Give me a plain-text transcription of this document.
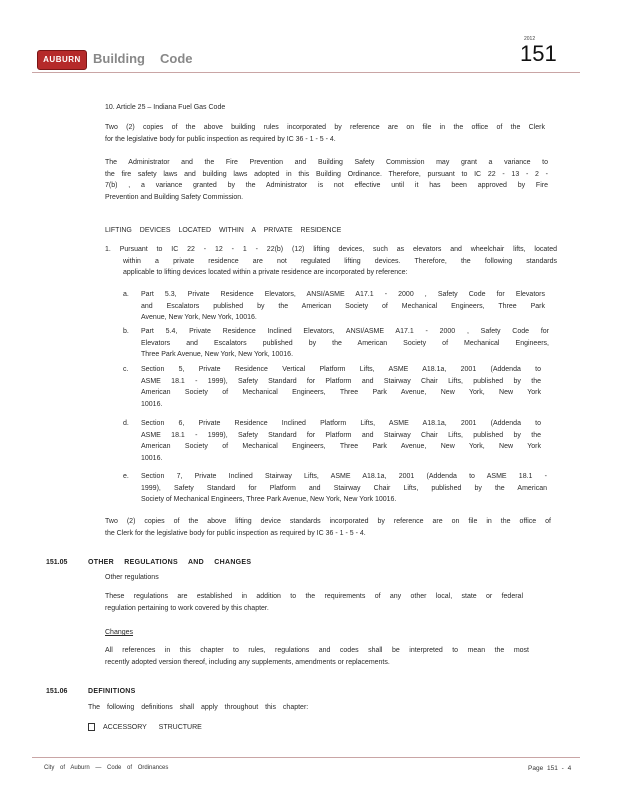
AUBURN Building Code
2012
151
10. Article 25 – Indiana Fuel Gas Code
Two (2) copies of the above building rules incorporated by reference are on file in the office of the Clerk
for the legislative body for public inspection as required by IC 36 - 1 - 5 - 4.
The Administrator and the Fire Prevention and Building Safety Commission may grant a variance to
the fire safety laws and building laws adopted in this Building Ordinance. Therefore, pursuant to IC 22 - 13 - 2 -
7(b) , a variance granted by the Administrator is not effective until it has been approved by Fire
Prevention and Building Safety Commission.
LIFTING DEVICES LOCATED WITHIN A PRIVATE RESIDENCE
1. Pursuant to IC 22 - 12 - 1 - 22(b) (12) lifting devices, such as elevators and wheelchair lifts, located
within a private residence are not regulated lifting devices. Therefore, the following standards
applicable to lifting devices located within a private residence are incorporated by reference:
a. Part 5.3, Private Residence Elevators, ANSI/ASME A17.1 - 2000 , Safety Code for Elevators
and Escalators published by the American Society of Mechanical Engineers, Three Park
Avenue, New York, New York, 10016.
b. Part 5.4, Private Residence Inclined Elevators, ANSI/ASME A17.1 - 2000 , Safety Code for
Elevators and Escalators published by the American Society of Mechanical Engineers,
Three Park Avenue, New York, New York, 10016.
c. Section 5, Private Residence Vertical Platform Lifts, ASME A18.1a, 2001 (Addenda to
ASME 18.1 - 1999), Safety Standard for Platform and Stairway Chair Lifts, published by the
American Society of Mechanical Engineers, Three Park Avenue, New York, New York
10016.
d. Section 6, Private Residence Inclined Platform Lifts, ASME A18.1a, 2001 (Addenda to
ASME 18.1 - 1999), Safety Standard for Platform and Stairway Chair Lifts, published by the
American Society of Mechanical Engineers, Three Park Avenue, New York, New York
10016.
e. Section 7, Private Inclined Stairway Lifts, ASME A18.1a, 2001 (Addenda to ASME 18.1 -
1999), Safety Standard for Platform and Stairway Chair Lifts, published by the American
Society of Mechanical Engineers, Three Park Avenue, New York, New York 10016.
Two (2) copies of the above lifting device standards incorporated by reference are on file in the office of
the Clerk for the legislative body for public inspection as required by IC 36 - 1 - 5 - 4.
151.05	OTHER REGULATIONS AND CHANGES
Other regulations
These regulations are established in addition to the requirements of any other local, state or federal
regulation pertaining to work covered by this chapter.
Changes
All references in this chapter to rules, regulations and codes shall be interpreted to mean the most
recently adopted version thereof, including any supplements, amendments or replacements.
151.06	DEFINITIONS
The following definitions shall apply throughout this chapter:
ACCESSORY STRUCTURE
City of Auburn — Code of Ordinances	Page 151 - 4
